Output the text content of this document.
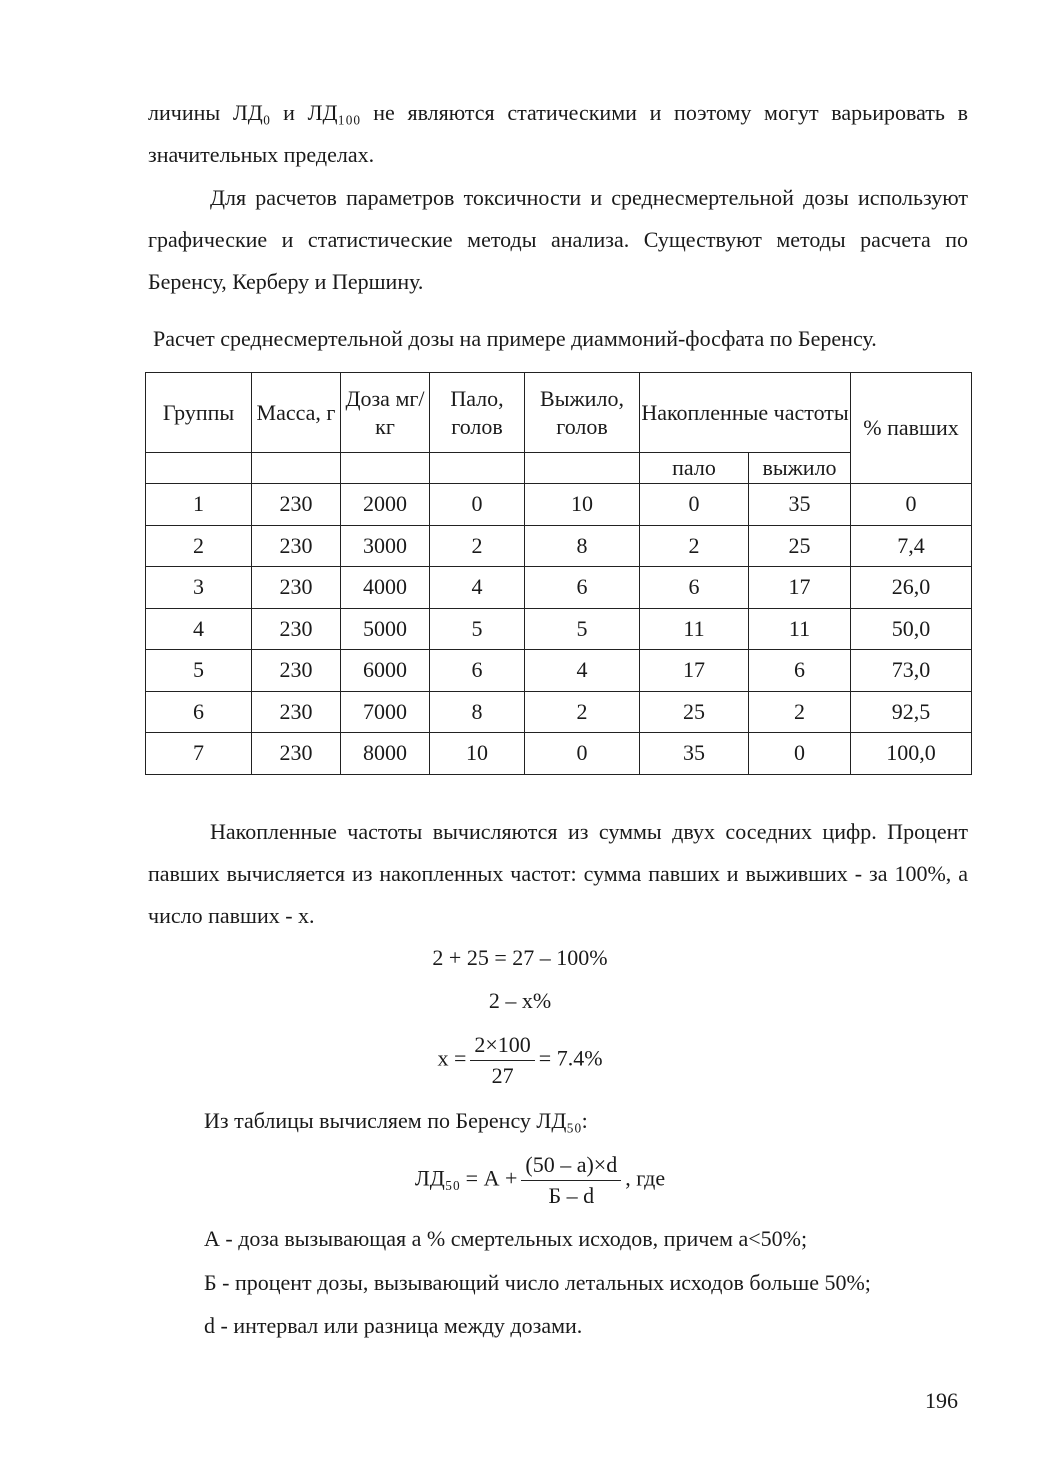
личины ЛД₀ и ЛД₁₀₀ не являются статическими и поэтому могут варьировать в значительных пределах.

Для расчетов параметров токсичности и среднесмертельной дозы используют графические и статистические методы анализа. Существуют методы расчета по Беренсу, Керберу и Першину.

Расчет среднесмертельной дозы на примере диаммоний-фосфата по Беренсу.
Группы	Масса, г	Доза мг/кг	Пало, голов	Выжило, голов	Накопленные частоты		% павших
					пало	выжило	
1	230	2000	0	10	0	35	0
2	230	3000	2	8	2	25	7,4
3	230	4000	4	6	6	17	26,0
4	230	5000	5	5	11	11	50,0
5	230	6000	6	4	17	6	73,0
6	230	7000	8	2	25	2	92,5
7	230	8000	10	0	35	0	100,0

Накопленные частоты вычисляются из суммы двух соседних цифр. Процент павших вычисляется из накопленных частот: сумма павших и выживших - за 100%, а число павших - х.

2 + 25 = 27 – 100%
2 – х%
$х = \frac{2\times 100}{27} = 7.4\%$
Из таблицы вычисляем по Беренсу ЛД₅₀:
$ЛД_{50} = А + \frac{(50 - a)\times d}{Б - d}$ , где
А - доза вызывающая а % смертельных исходов, причем а<50%;
Б - процент дозы, вызывающий число летальных исходов больше 50%;
d - интервал или разница между дозами.
196
